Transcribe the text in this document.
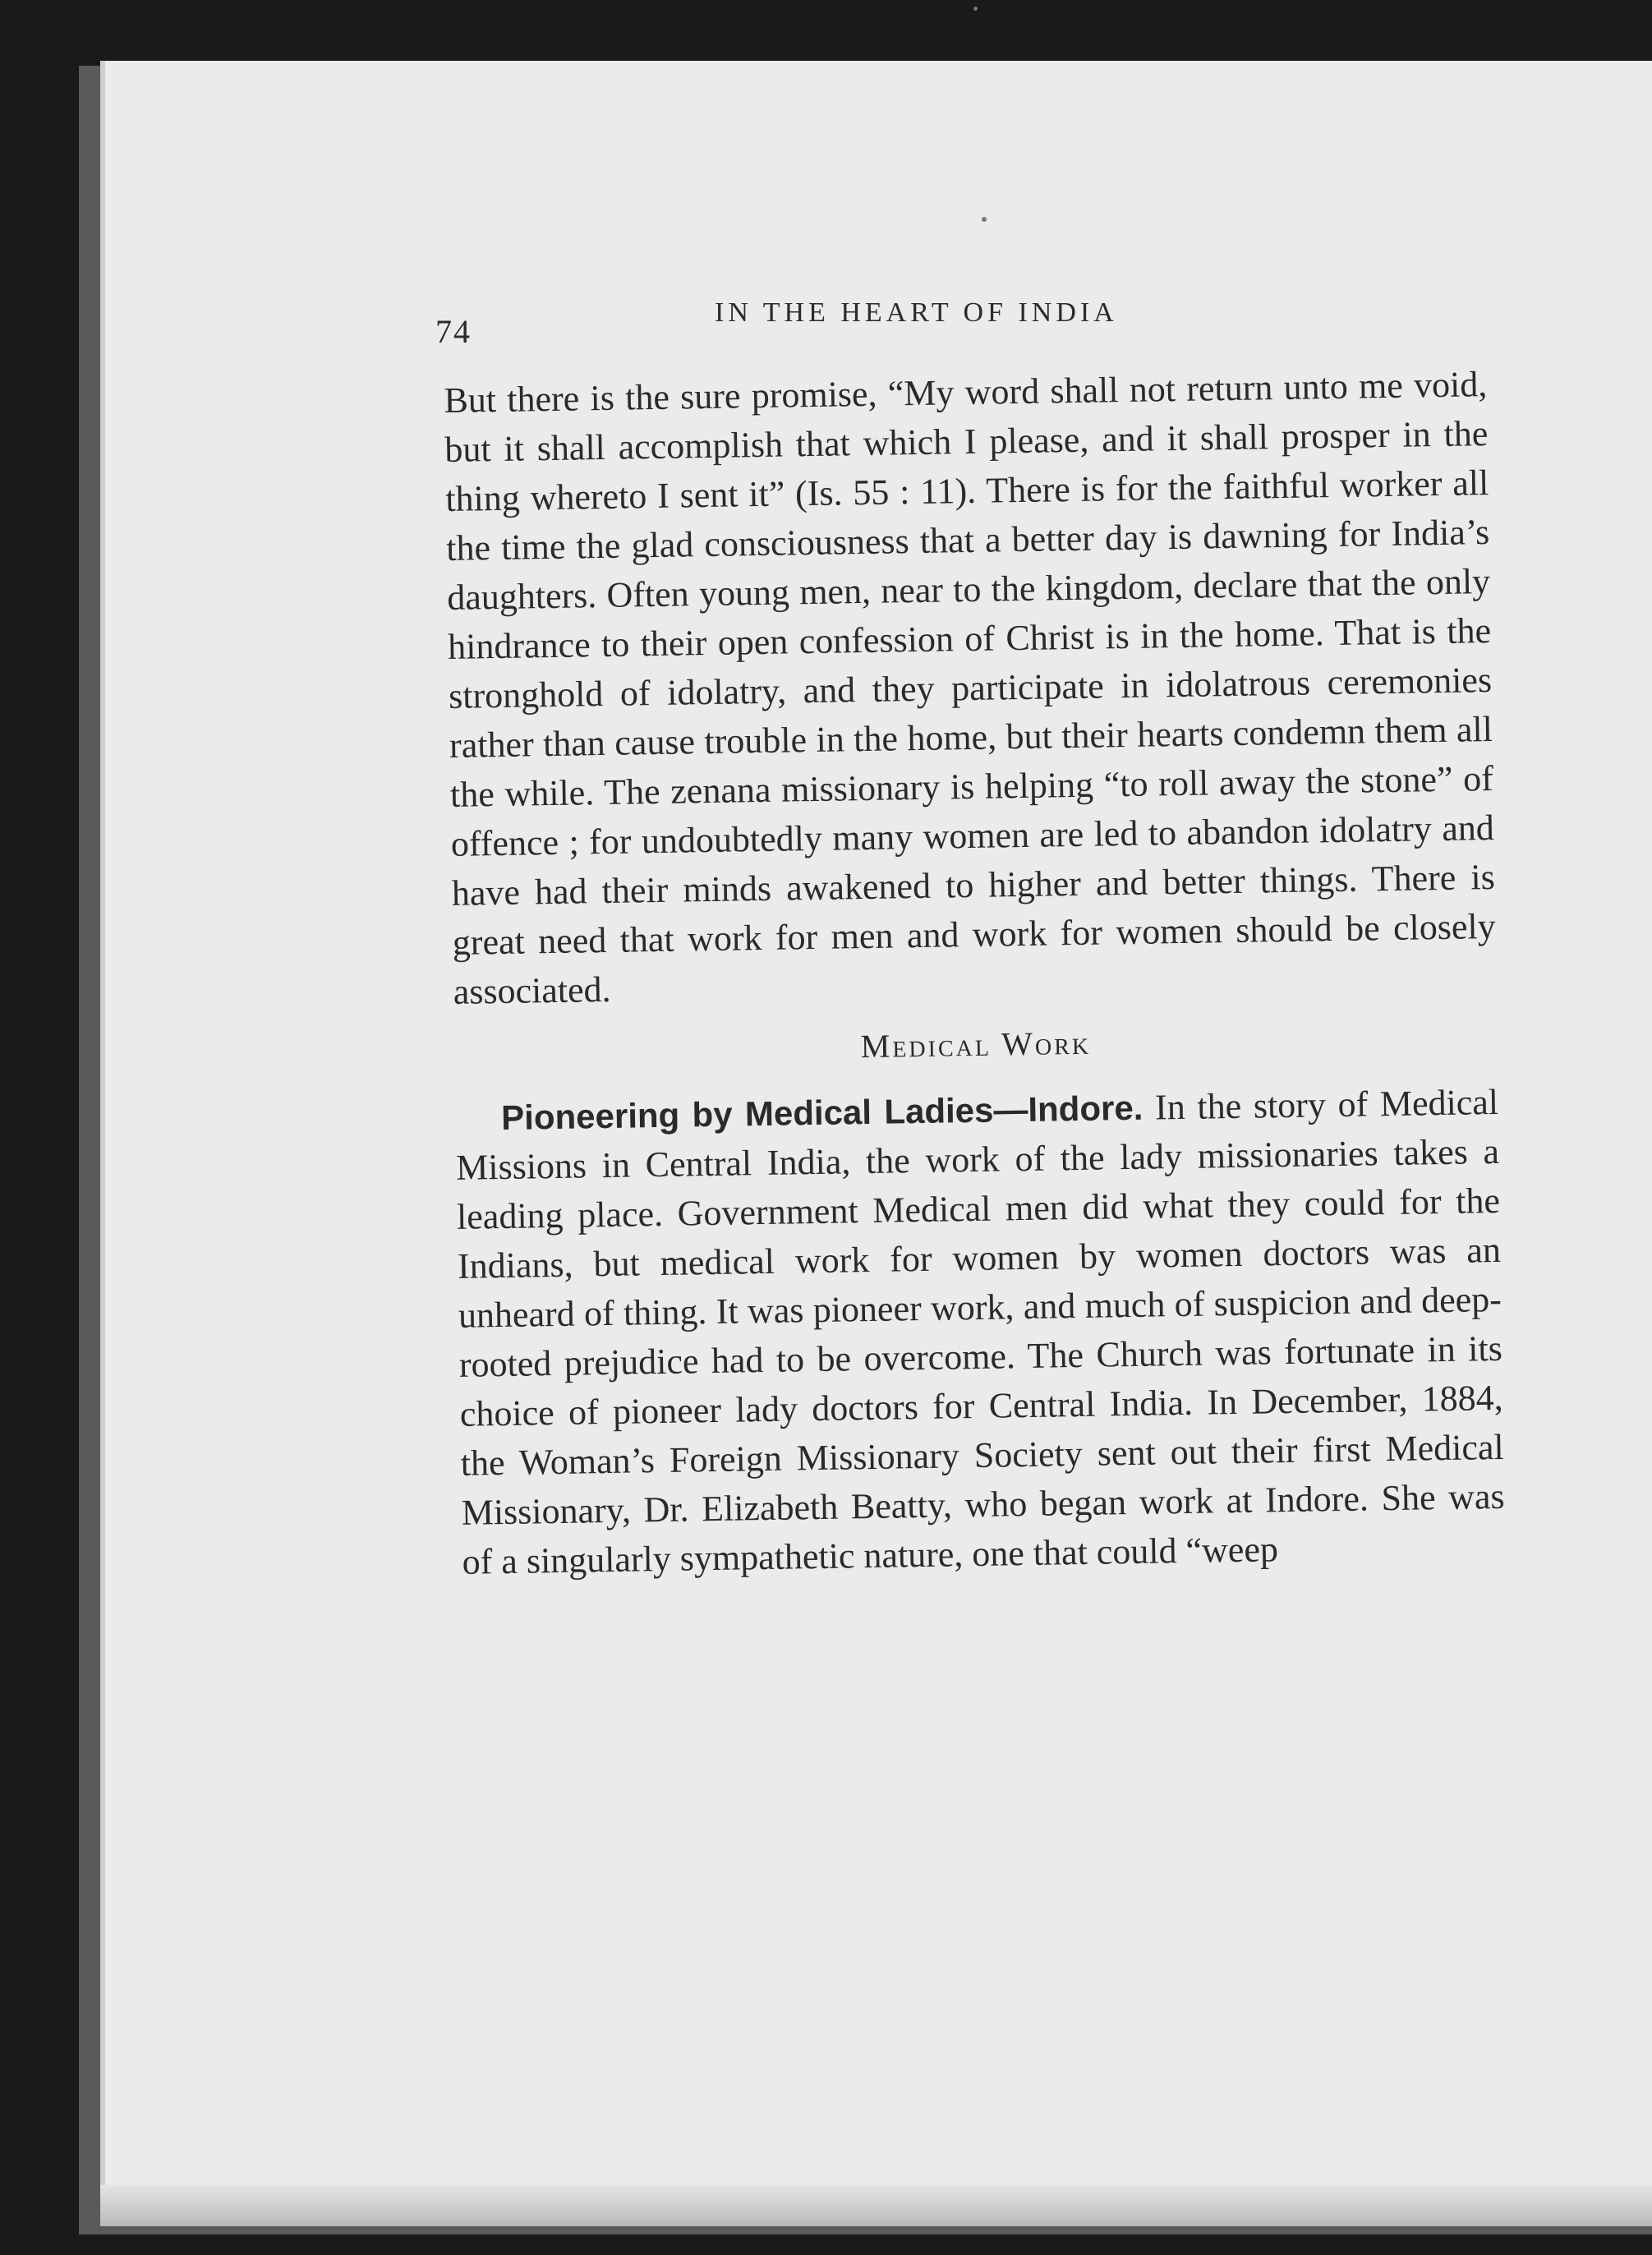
74
IN THE HEART OF INDIA

But there is the sure promise, “My word shall not return unto me void, but it shall accomplish that which I please, and it shall prosper in the thing whereto I sent it” (Is. 55 : 11). There is for the faithful worker all the time the glad consciousness that a better day is dawning for India’s daughters. Often young men, near to the kingdom, declare that the only hindrance to their open confession of Christ is in the home. That is the stronghold of idolatry, and they participate in idolatrous ceremonies rather than cause trouble in the home, but their hearts condemn them all the while. The zenana missionary is helping “to roll away the stone” of offence ; for undoubtedly many women are led to abandon idolatry and have had their minds awakened to higher and better things. There is great need that work for men and work for women should be closely associated.

Medical Work

Pioneering by Medical Ladies—Indore. In the story of Medical Missions in Central India, the work of the lady missionaries takes a leading place. Government Medical men did what they could for the Indians, but medical work for women by women doctors was an unheard of thing. It was pioneer work, and much of suspicion and deep-rooted prejudice had to be overcome. The Church was fortunate in its choice of pioneer lady doctors for Central India. In December, 1884, the Woman’s Foreign Missionary Society sent out their first Medical Missionary, Dr. Elizabeth Beatty, who began work at Indore. She was of a singularly sympathetic nature, one that could “weep
